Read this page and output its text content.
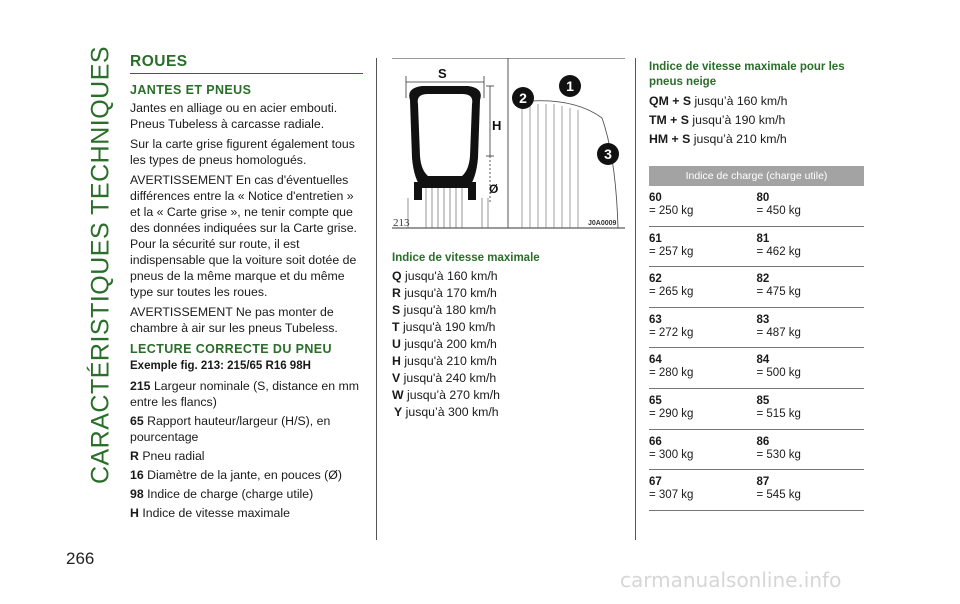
CARACTÉRISTIQUES TECHNIQUES ROUES
JANTES ET PNEUS

Jantes en alliage ou en acier embouti. Pneus Tubeless à carcasse radiale.

Sur la carte grise figurent également tous les types de pneus homologués.

AVERTISSEMENT En cas d'éventuelles différences entre la « Notice d'entretien » et la « Carte grise », ne tenir compte que des données indiquées sur la Carte grise. Pour la sécurité sur route, il est indispensable que la voiture soit dotée de pneus de la même marque et du même type sur toutes les roues.

AVERTISSEMENT Ne pas monter de chambre à air sur les pneus Tubeless.

LECTURE CORRECTE DU PNEU
Exemple fig. 213: 215/65 R16 98H
215 Largeur nominale (S, distance en mm entre les flancs)
65 Rapport hauteur/largeur (H/S), en pourcentage
R Pneu radial
16 Diamètre de la jante, en pouces (Ø)
98 Indice de charge (charge utile)
H Indice de vitesse maximale
S
H
Ø
2
1
3
213	J0A0009
Indice de vitesse maximale
Q jusqu'à 160 km/h
R jusqu'à 170 km/h
S jusqu'à 180 km/h
T jusqu'à 190 km/h
U jusqu'à 200 km/h
H jusqu'à 210 km/h
V jusqu'à 240 km/h
W jusqu’à 270 km/h
Y jusqu’à 300 km/h
Indice de vitesse maximale pour les pneus neige
QM + S jusqu’à 160 km/h
TM + S jusqu’à 190 km/h
HM + S jusqu’à 210 km/h
Indice de charge (charge utile)
60
= 250 kg
80
= 450 kg
61
= 257 kg
81
= 462 kg
62
= 265 kg
82
= 475 kg
63
= 272 kg
83
= 487 kg
64
= 280 kg
84
= 500 kg
65
= 290 kg
85
= 515 kg
66
= 300 kg
86
= 530 kg
67
= 307 kg
87
= 545 kg
266
carmanualsonline.info
